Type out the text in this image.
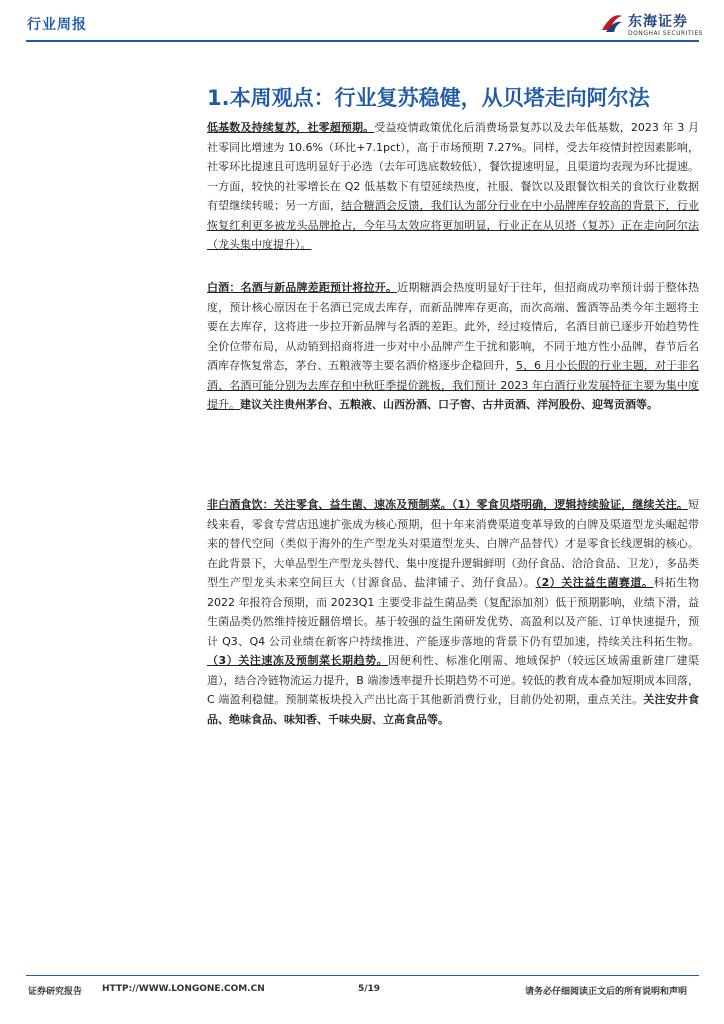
行业周报	东海证券
DONGHAI SECURITIES
1.本周观点：行业复苏稳健，从贝塔走向阿尔法
低基数及持续复苏，社零超预期。受益疫情政策优化后消费场景复苏以及去年低基数，2023 年 3 月社零同比增速为 10.6%（环比+7.1pct），高于市场预期 7.27%。同样，受去年疫情封控因素影响，社零环比提速且可选明显好于必选（去年可选底数较低），餐饮提速明显，且渠道均表现为环比提速。一方面，较快的社零增长在 Q2 低基数下有望延续热度，社服、餐饮以及跟餐饮相关的食饮行业数据有望继续转暖；另一方面，结合糖酒会反馈，我们认为部分行业在中小品牌库存较高的背景下，行业恢复红利更多被龙头品牌抢占，今年马太效应将更加明显，行业正在从贝塔（复苏）正在走向阿尔法（龙头集中度提升）。
白酒：名酒与新品牌差距预计将拉开。近期糖酒会热度明显好于往年，但招商成功率预计弱于整体热度，预计核心原因在于名酒已完成去库存，而新品牌库存更高，而次高端、酱酒等品类今年主题将主要在去库存，这将进一步拉开新品牌与名酒的差距。此外，经过疫情后，名酒目前已逐步开始趋势性全价位带布局，从动销到招商将进一步对中小品牌产生干扰和影响，不同于地方性小品牌，春节后名酒库存恢复常态，茅台、五粮液等主要名酒价格逐步企稳回升，5、6 月小长假的行业主题，对于非名酒、名酒可能分别为去库存和中秋旺季提价跳板，我们预计 2023 年白酒行业发展特征主要为集中度提升。建议关注贵州茅台、五粮液、山西汾酒、口子窖、古井贡酒、洋河股份、迎驾贡酒等。
非白酒食饮：关注零食、益生菌、速冻及预制菜。（1）零食贝塔明确，逻辑持续验证，继续关注。短线来看，零食专营店迅速扩张成为核心预期，但十年来消费渠道变革导致的白牌及渠道型龙头崛起带来的替代空间（类似于海外的生产型龙头对渠道型龙头、白牌产品替代）才是零食长线逻辑的核心。在此背景下，大单品型生产型龙头替代、集中度提升逻辑鲜明（劲仔食品、洽洽食品、卫龙），多品类型生产型龙头未来空间巨大（甘源食品、盐津铺子、劲仔食品）。（2）关注益生菌赛道。科拓生物 2022 年报符合预期，而 2023Q1 主要受非益生菌品类（复配添加剂）低于预期影响，业绩下滑，益生菌品类仍然维持接近翻倍增长。基于较强的益生菌研发优势、高盈利以及产能、订单快速提升，预计 Q3、Q4 公司业绩在新客户持续推进、产能逐步落地的背景下仍有望加速，持续关注科拓生物。（3）关注速冻及预制菜长期趋势。因便利性、标准化刚需、地域保护（较远区域需重新建厂建渠道），结合冷链物流运力提升，B 端渗透率提升长期趋势不可逆。较低的教育成本叠加短期成本回落，C 端盈利稳健。预制菜板块投入产出比高于其他新消费行业，目前仍处初期，重点关注。关注安井食品、绝味食品、味知香、千味央厨、立高食品等。
证券研究报告 HTTP://WWW.LONGONE.COM.CN	5/19	请务必仔细阅读正文后的所有说明和声明
